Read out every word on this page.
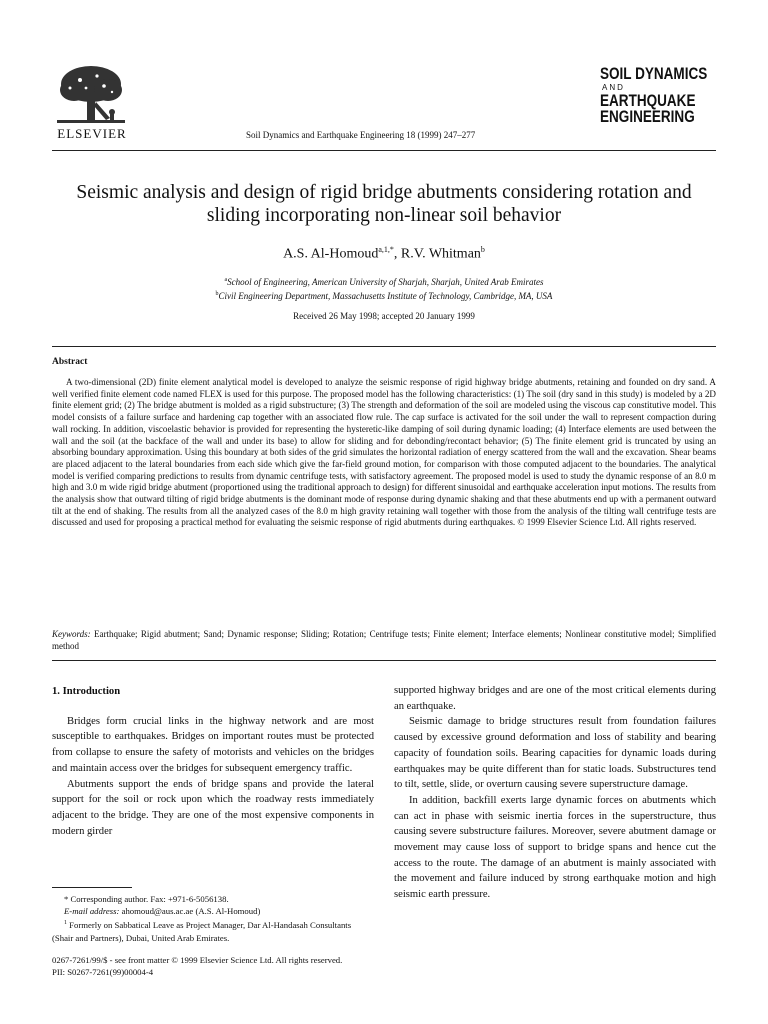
ELSEVIER	Soil Dynamics and Earthquake Engineering 18 (1999) 247–277
SOIL DYNAMICS
AND
EARTHQUAKE
ENGINEERING
Seismic analysis and design of rigid bridge abutments considering rotation and sliding incorporating non-linear soil behavior
A.S. Al-Homoud$^{a,1,*}$, R.V. Whitman$^b$
$^a$School of Engineering, American University of Sharjah, Sharjah, United Arab Emirates
$^b$Civil Engineering Department, Massachusetts Institute of Technology, Cambridge, MA, USA
Received 26 May 1998; accepted 20 January 1999
Abstract

A two-dimensional (2D) finite element analytical model is developed to analyze the seismic response of rigid highway bridge abutments, retaining and founded on dry sand. A well verified finite element code named FLEX is used for this purpose. The proposed model has the following characteristics: (1) The soil (dry sand in this study) is modeled by a 2D finite element grid; (2) The bridge abutment is molded as a rigid substructure; (3) The strength and deformation of the soil are modeled using the viscous cap constitutive model. This model consists of a failure surface and hardening cap together with an associated flow rule. The cap surface is activated for the soil under the wall to represent compaction during wall rocking. In addition, viscoelastic behavior is provided for representing the hysteretic-like damping of soil during dynamic loading; (4) Interface elements are used between the wall and the soil (at the backface of the wall and under its base) to allow for sliding and for debonding/recontact behavior; (5) The finite element grid is truncated by using an absorbing boundary approximation. Using this boundary at both sides of the grid simulates the horizontal radiation of energy scattered from the wall and the excavation. Shear beams are placed adjacent to the lateral boundaries from each side which give the far-field ground motion, for comparison with those computed adjacent to the boundaries. The analytical model is verified comparing predictions to results from dynamic centrifuge tests, with satisfactory agreement. The proposed model is used to study the dynamic response of an 8.0 m high and 3.0 m wide rigid bridge abutment (proportioned using the traditional approach to design) for different sinusoidal and earthquake acceleration input motions. The results from the analysis show that outward tilting of rigid bridge abutments is the dominant mode of response during dynamic shaking and that these abutments end up with a permanent outward tilt at the end of shaking. The results from all the analyzed cases of the 8.0 m high gravity retaining wall together with those from the analysis of the tilting wall centrifuge tests are discussed and used for proposing a practical method for evaluating the seismic response of rigid abutments during earthquakes. © 1999 Elsevier Science Ltd. All rights reserved.

Keywords: Earthquake; Rigid abutment; Sand; Dynamic response; Sliding; Rotation; Centrifuge tests; Finite element; Interface elements; Nonlinear constitutive model; Simplified method
1. Introduction

Bridges form crucial links in the highway network and are most susceptible to earthquakes. Bridges on important routes must be protected from collapse to ensure the safety of motorists and vehicles on the bridges and maintain access over the bridges for subsequent emergency traffic.

Abutments support the ends of bridge spans and provide the lateral support for the soil or rock upon which the roadway rests immediately adjacent to the bridge. They are one of the most expensive components in modern girder

supported highway bridges and are one of the most critical elements during an earthquake.

Seismic damage to bridge structures result from foundation failures caused by excessive ground deformation and loss of stability and bearing capacity of foundation soils. Bearing capacities for dynamic loads during earthquakes may be quite different than for static loads. Substructures tend to tilt, settle, slide, or overturn causing severe superstructure damage.

In addition, backfill exerts large dynamic forces on abutments which can act in phase with seismic inertia forces in the superstructure, thus causing severe substructure failures. Moreover, severe abutment damage or movement may cause loss of support to bridge spans and hence cut the access to the route. The damage of an abutment is mainly associated with the movement and failure induced by strong earthquake motion and high seismic earth pressure.

* Corresponding author. Fax: +971-6-5056138.
E-mail address: ahomoud@aus.ac.ae (A.S. Al-Homoud)
$^1$ Formerly on Sabbatical Leave as Project Manager, Dar Al-Handasah Consultants (Shair and Partners), Dubai, United Arab Emirates.
0267-7261/99/$ - see front matter © 1999 Elsevier Science Ltd. All rights reserved.
PII: S0267-7261(99)00004-4
